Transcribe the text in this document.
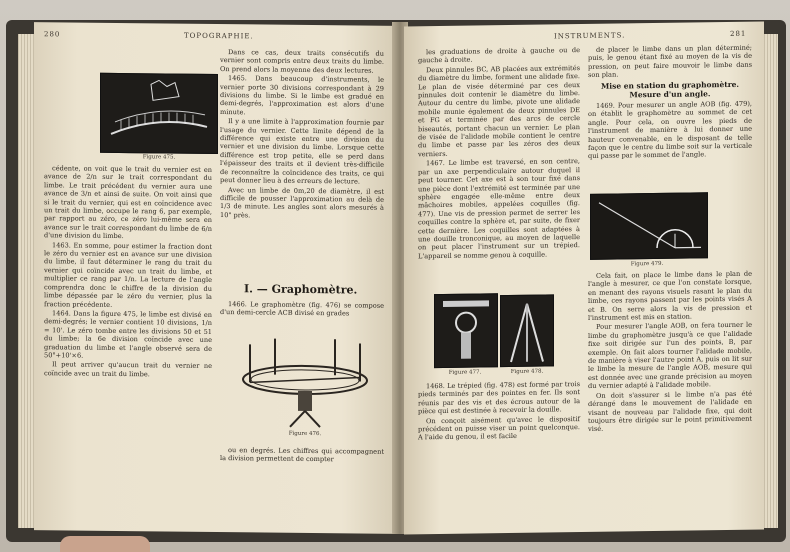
280	TOPOGRAPHIE.
Figure 475.

cédente, on voit que le trait du vernier est en avance de 2/n sur le trait correspondant du limbe. Le trait précédent du vernier aura une avance de 3/n et ainsi de suite. On voit ainsi que si le trait du vernier, qui est en coïncidence avec un trait du limbe, occupe le rang 6, par exemple, par rapport au zéro, ce zéro lui-même sera en avance sur le trait correspondant du limbe de 6/n d'une division du limbe.

1463. En somme, pour estimer la fraction dont le zéro du vernier est en avance sur une division du limbe, il faut déterminer le rang du trait du vernier qui coïncide avec un trait du limbe, et multiplier ce rang par 1/n. La lecture de l'angle comprendra donc le chiffre de la division du limbe dépassée par le zéro du vernier, plus la fraction précédente.

1464. Dans la figure 475, le limbe est divisé en demi-degrés; le vernier contient 10 divisions, 1/n = 10'. Le zéro tombe entre les divisions 50 et 51 du limbe; la 6e division coïncide avec une graduation du limbe et l'angle observé sera de 50°+10'×6.

Il peut arriver qu'aucun trait du vernier ne coïncide avec un trait du limbe.

Dans ce cas, deux traits consécutifs du vernier sont compris entre deux traits du limbe. On prend alors la moyenne des deux lectures.

1465. Dans beaucoup d'instruments, le vernier porte 30 divisions correspondant à 29 divisions du limbe. Si le limbe est gradué en demi-degrés, l'approximation est alors d'une minute.

Il y a une limite à l'approximation fournie par l'usage du vernier. Cette limite dépend de la différence qui existe entre une division du vernier et une division du limbe. Lorsque cette différence est trop petite, elle se perd dans l'épaisseur des traits et il devient très-difficile de reconnaître la coïncidence des traits, ce qui peut donner lieu à des erreurs de lecture.

Avec un limbe de 0m,20 de diamètre, il est difficile de pousser l'approximation au delà de 1/3 de minute. Les angles sont alors mesurés à 10" près.

I. — Graphomètre.

1466. Le graphomètre (fig. 476) se compose d'un demi-cercle ACB divisé en grades

Figure 476.

ou en degrés. Les chiffres qui accompagnent la division permettent de compter

INSTRUMENTS.	281

les graduations de droite à gauche ou de gauche à droite.

Deux pinnules BC, AB placées aux extrémités du diamètre du limbe, forment une alidade fixe. Le plan de visée déterminé par ces deux pinnules doit contenir le diamètre du limbe. Autour du centre du limbe, pivote une alidade mobile munie également de deux pinnules DE et FG et terminée par des arcs de cercle biseautés, portant chacun un vernier. Le plan de visée de l'alidade mobile contient le centre du limbe et passe par les zéros des deux verniers.

1467. Le limbe est traversé, en son centre, par un axe perpendiculaire autour duquel il peut tourner. Cet axe est à son tour fixé dans une pièce dont l'extrémité est terminée par une sphère engagée elle-même entre deux mâchoires mobiles, appelées coquilles (fig. 477). Une vis de pression permet de serrer les coquilles contre la sphère et, par suite, de fixer cette dernière. Les coquilles sont adaptées à une douille tronconique, au moyen de laquelle on peut placer l'instrument sur un trépied. L'appareil se nomme genou à coquille.

Figure 477.	Figure 478.

1468. Le trépied (fig. 478) est formé par trois pieds terminés par des pointes en fer. Ils sont réunis par des vis et des écrous autour de la pièce qui est destinée à recevoir la douille.

On conçoit aisément qu'avec le dispositif précédent on puisse viser un point quelconque. A l'aide du genou, il est facile

de placer le limbe dans un plan déterminé; puis, le genou étant fixé au moyen de la vis de pression, on peut faire mouvoir le limbe dans son plan.

Mise en station du graphomètre. Mesure d'un angle.

1469. Pour mesurer un angle AOB (fig. 479), on établit le graphomètre au sommet de cet angle. Pour cela, on ouvre les pieds de l'instrument de manière à lui donner une hauteur convenable, en le disposant de telle façon que le centre du limbe soit sur la verticale qui passe par le sommet de l'angle.

Figure 479.

Cela fait, on place le limbe dans le plan de l'angle à mesurer, ce que l'on constate lorsque, en menant des rayons visuels rasant le plan du limbe, ces rayons passent par les points visés A et B. On serre alors la vis de pression et l'instrument est mis en station.

Pour mesurer l'angle AOB, on fera tourner le limbe du graphomètre jusqu'à ce que l'alidade fixe soit dirigée sur l'un des points, B, par exemple. On fait alors tourner l'alidade mobile, de manière à viser l'autre point A, puis on lit sur le limbe la mesure de l'angle AOB, mesure qui est donnée avec une grande précision au moyen du vernier adapté à l'alidade mobile.

On doit s'assurer si le limbe n'a pas été dérangé dans le mouvement de l'alidade en visant de nouveau par l'alidade fixe, qui doit toujours être dirigée sur le point primitivement visé.
